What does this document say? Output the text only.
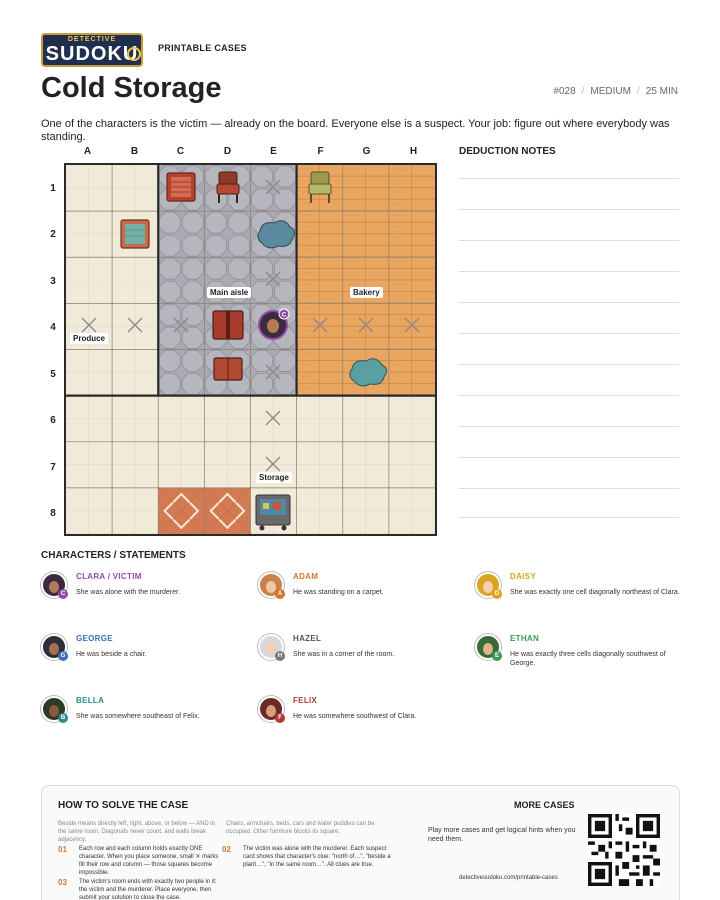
DETECTIVE
SUDOKU PRINTABLE CASES
Cold Storage	#028 / MEDIUM / 25 MIN
One of the characters is the victim — already on the board. Everyone else is a suspect. Your job: figure out where everybody was standing.
A	B	C	D	E	F	G	H
1
2
3
4
5
6
7
8
C
Main aisle	Bakery
Produce
Storage
DEDUCTION NOTES
CHARACTERS / STATEMENTS
C
CLARA / VICTIM
She was alone with the murderer.	A
ADAM
He was standing on a carpet.	D
DAISY
She was exactly one cell diagonally northeast of Clara.
G
GEORGE
He was beside a chair.	H
HAZEL
She was in a corner of the room.	E
ETHAN
He was exactly three cells diagonally southwest of George.
B
BELLA
She was somewhere southeast of Felix.	F
FELIX
He was somewhere southwest of Clara.
HOW TO SOLVE THE CASE
Beside means directly left, right, above, or below — AND in the same room. Diagonals never count, and walls break adjacency.
Chairs, armchairs, beds, cars and water puddles can be occupied. Other furniture blocks its square.
01 Each row and each column holds exactly ONE character. When you place someone, small ✕ marks fill their row and column — those squares become impossible.
02 The victim was alone with the murderer. Each suspect card shows that character's clue: "north of…", "beside a plant…", "in the same room…". All clues are true.
03 The victim's room ends with exactly two people in it: the victim and the murderer. Place everyone, then submit your solution to close the case.
MORE CASES
Play more cases and get logical hints when you need them.
detectivesudoku.com/printable-cases
